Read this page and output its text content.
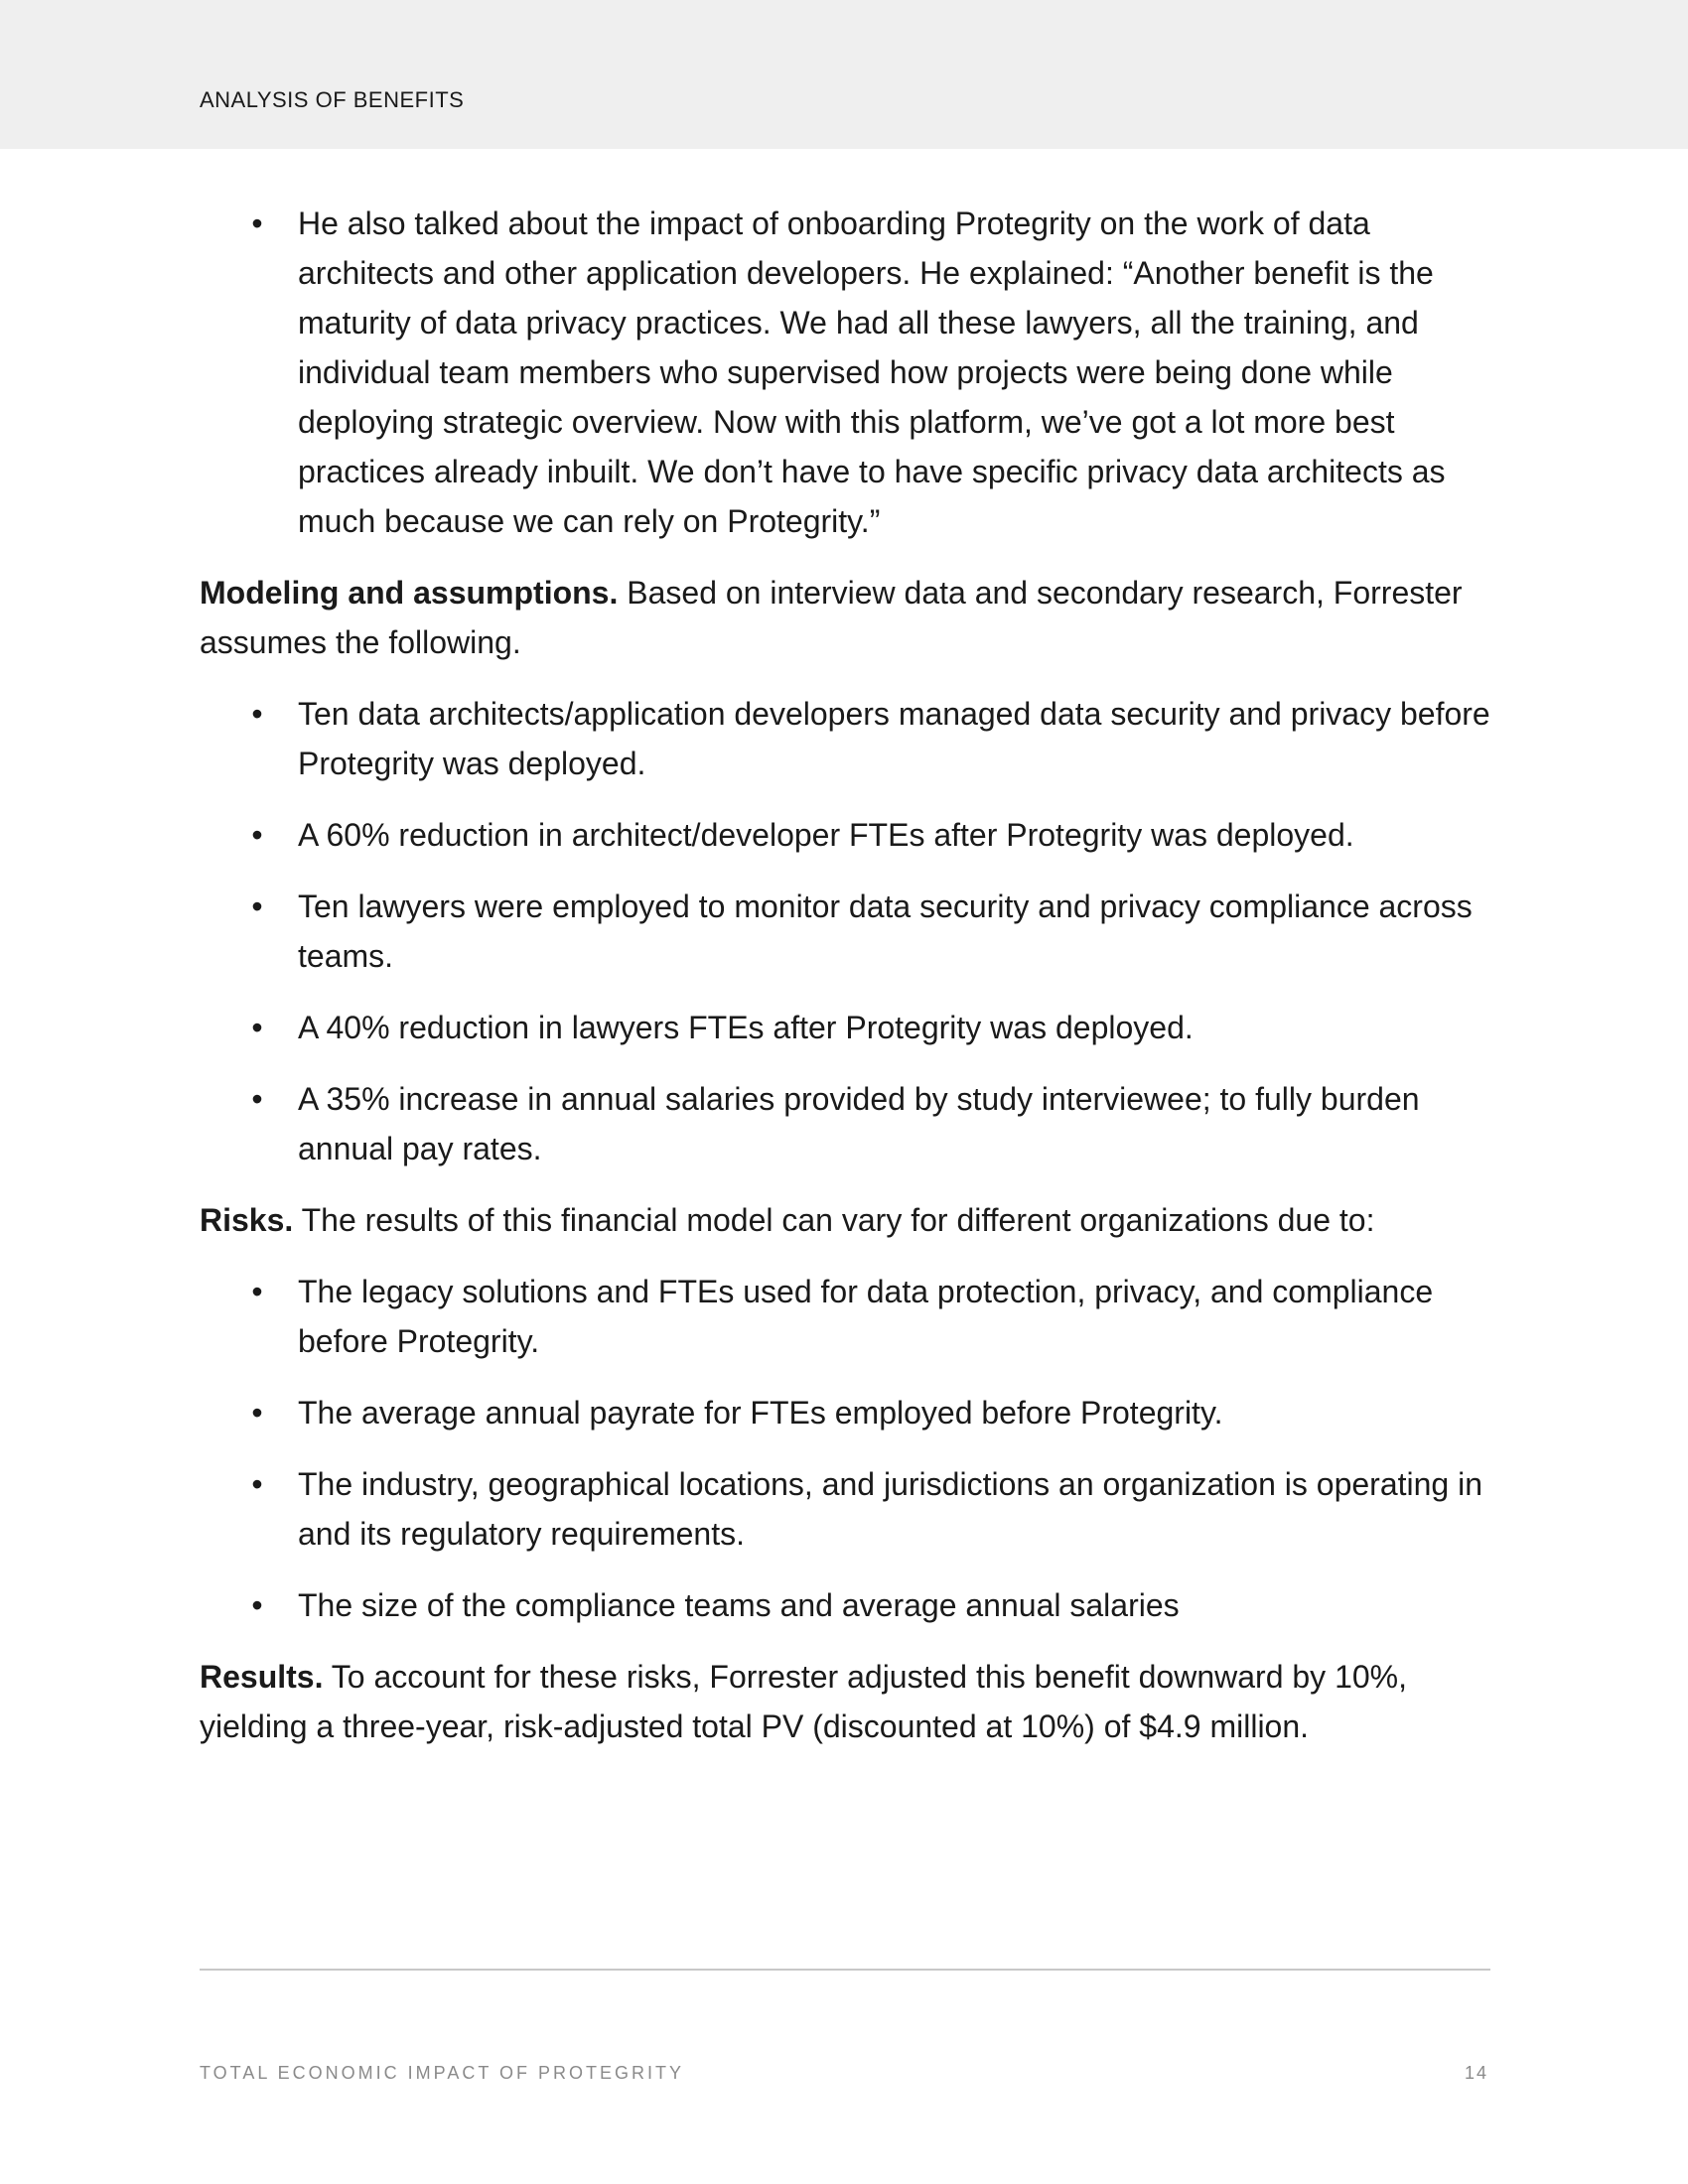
ANALYSIS OF BENEFITS
• He also talked about the impact of onboarding Protegrity on the work of data architects and other application developers. He explained: “Another benefit is the maturity of data privacy practices. We had all these lawyers, all the training, and individual team members who supervised how projects were being done while deploying strategic overview. Now with this platform, we’ve got a lot more best practices already inbuilt. We don’t have to have specific privacy data architects as much because we can rely on Protegrity.”

Modeling and assumptions. Based on interview data and secondary research, Forrester assumes the following.

• Ten data architects/application developers managed data security and privacy before Protegrity was deployed.
• A 60% reduction in architect/developer FTEs after Protegrity was deployed.
• Ten lawyers were employed to monitor data security and privacy compliance across teams.
• A 40% reduction in lawyers FTEs after Protegrity was deployed.
• A 35% increase in annual salaries provided by study interviewee; to fully burden annual pay rates.

Risks. The results of this financial model can vary for different organizations due to:

• The legacy solutions and FTEs used for data protection, privacy, and compliance before Protegrity.
• The average annual payrate for FTEs employed before Protegrity.
• The industry, geographical locations, and jurisdictions an organization is operating in and its regulatory requirements.
• The size of the compliance teams and average annual salaries

Results. To account for these risks, Forrester adjusted this benefit downward by 10%, yielding a three-year, risk-adjusted total PV (discounted at 10%) of $4.9 million.

TOTAL ECONOMIC IMPACT OF PROTEGRITY	14
